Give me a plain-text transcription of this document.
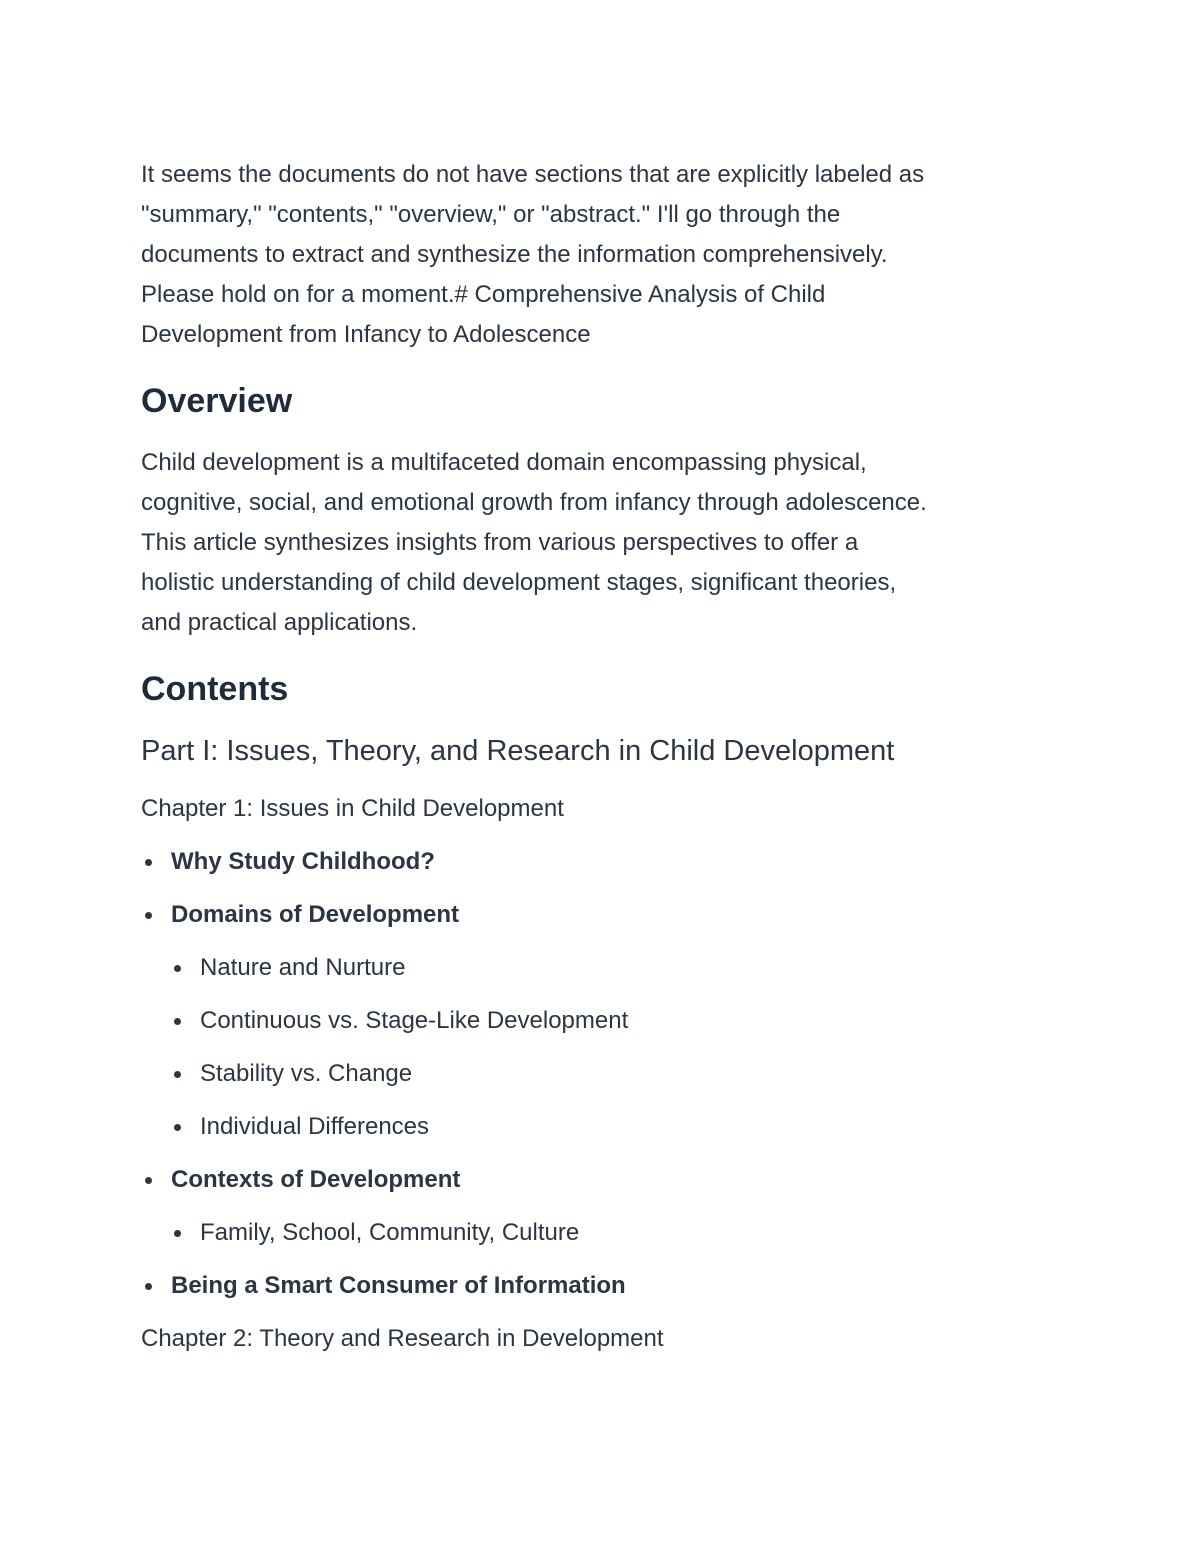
It seems the documents do not have sections that are explicitly labeled as
"summary," "contents," "overview," or "abstract." I'll go through the
documents to extract and synthesize the information comprehensively.
Please hold on for a moment.# Comprehensive Analysis of Child
Development from Infancy to Adolescence

Overview

Child development is a multifaceted domain encompassing physical,
cognitive, social, and emotional growth from infancy through adolescence.
This article synthesizes insights from various perspectives to offer a
holistic understanding of child development stages, significant theories,
and practical applications.

Contents
Part I: Issues, Theory, and Research in Child Development

Chapter 1: Issues in Child Development

Why Study Childhood?
Domains of Development
Nature and Nurture
Continuous vs. Stage-Like Development
Stability vs. Change
Individual Differences
Contexts of Development
Family, School, Community, Culture
Being a Smart Consumer of Information

Chapter 2: Theory and Research in Development
